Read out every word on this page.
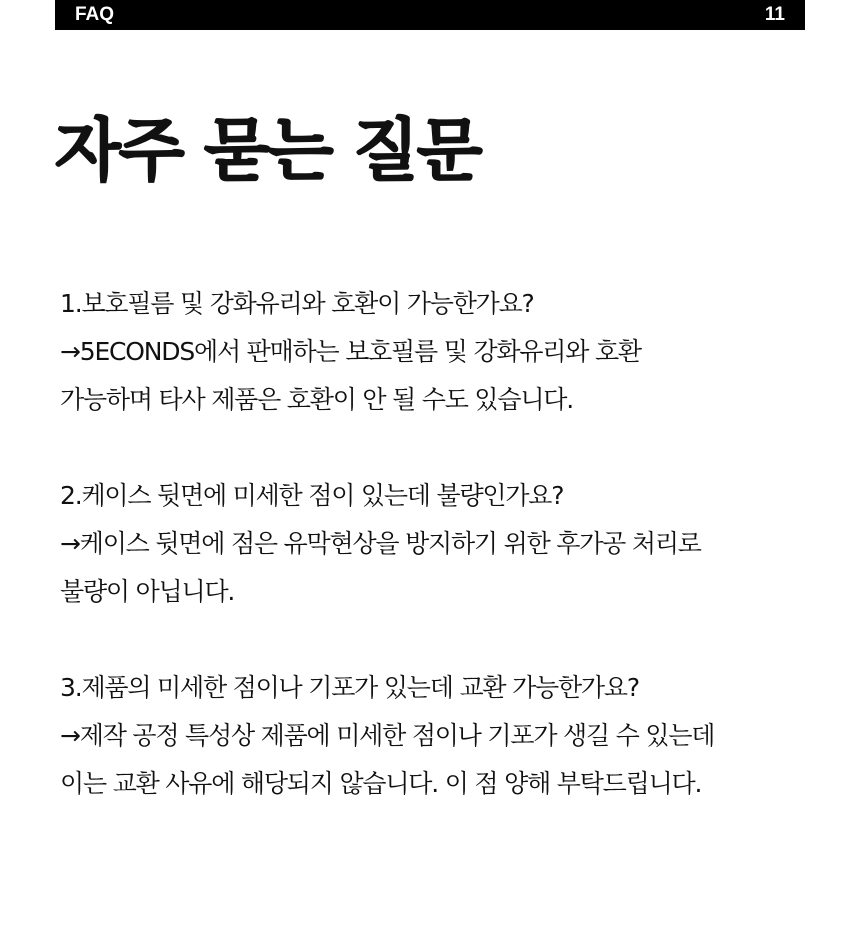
FAQ	11
자주 묻는 질문

1.보호필름 및 강화유리와 호환이 가능한가요?

→5ECONDS에서 판매하는 보호필름 및 강화유리와 호환

가능하며 타사 제품은 호환이 안 될 수도 있습니다.

2.케이스 뒷면에 미세한 점이 있는데 불량인가요?

→케이스 뒷면에 점은 유막현상을 방지하기 위한 후가공 처리로

불량이 아닙니다.

3.제품의 미세한 점이나 기포가 있는데 교환 가능한가요?

→제작 공정 특성상 제품에 미세한 점이나 기포가 생길 수 있는데

이는 교환 사유에 해당되지 않습니다. 이 점 양해 부탁드립니다.
